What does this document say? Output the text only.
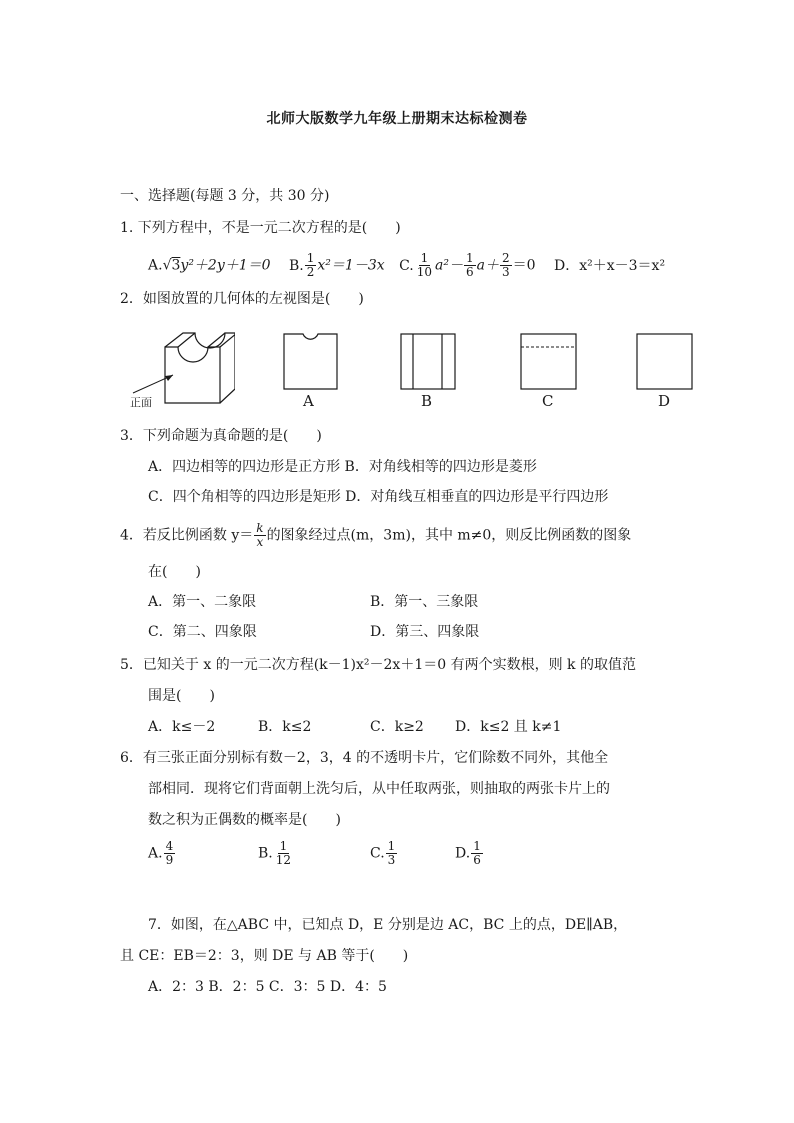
北师大版数学九年级上册期末达标检测卷
一、选择题(每题 3 分，共 30 分)
1. 下列方程中，不是一元二次方程的是(　　)
A.√3y²＋2y＋1＝0 B. $\frac{1}{2} x^2=1-3x$ C. $\frac{1}{10} a^2- \frac{1}{6} a+ \frac{2}{3} =0$ D．x²＋x－3＝x²
2．如图放置的几何体的左视图是(　　)
正面	A	B	C	D
3．下列命题为真命题的是(　　)
A．四边相等的四边形是正方形 B．对角线相等的四边形是菱形
C．四个角相等的四边形是矩形 D．对角线互相垂直的四边形是平行四边形
4．若反比例函数 $y= \frac{k}{x}$ 的图象经过点(m，3m)，其中 m≠0，则反比例函数的图象
在(　　)
A．第一、二象限	B．第一、三象限
C．第二、四象限	D．第三、四象限
5．已知关于 x 的一元二次方程(k－1)x²－2x＋1＝0 有两个实数根，则 k 的取值范
围是(　　)
A．k≤－2	B．k≤2	C．k≥2 D．k≤2 且 k≠1
6．有三张正面分别标有数－2，3，4 的不透明卡片，它们除数不同外，其他全
部相同．现将它们背面朝上洗匀后，从中任取两张，则抽取的两张卡片上的
数之积为正偶数的概率是(　　)
A. $\frac{4}{9}$	B. $\frac{1}{12}$	C. $\frac{1}{3}$	D. $\frac{1}{6}$
7．如图，在△ABC 中，已知点 D，E 分别是边 AC，BC 上的点，DE∥AB，
且 CE：EB＝2：3，则 DE 与 AB 等于(　　)
A．2：3 B．2：5 C．3：5 D．4：5
